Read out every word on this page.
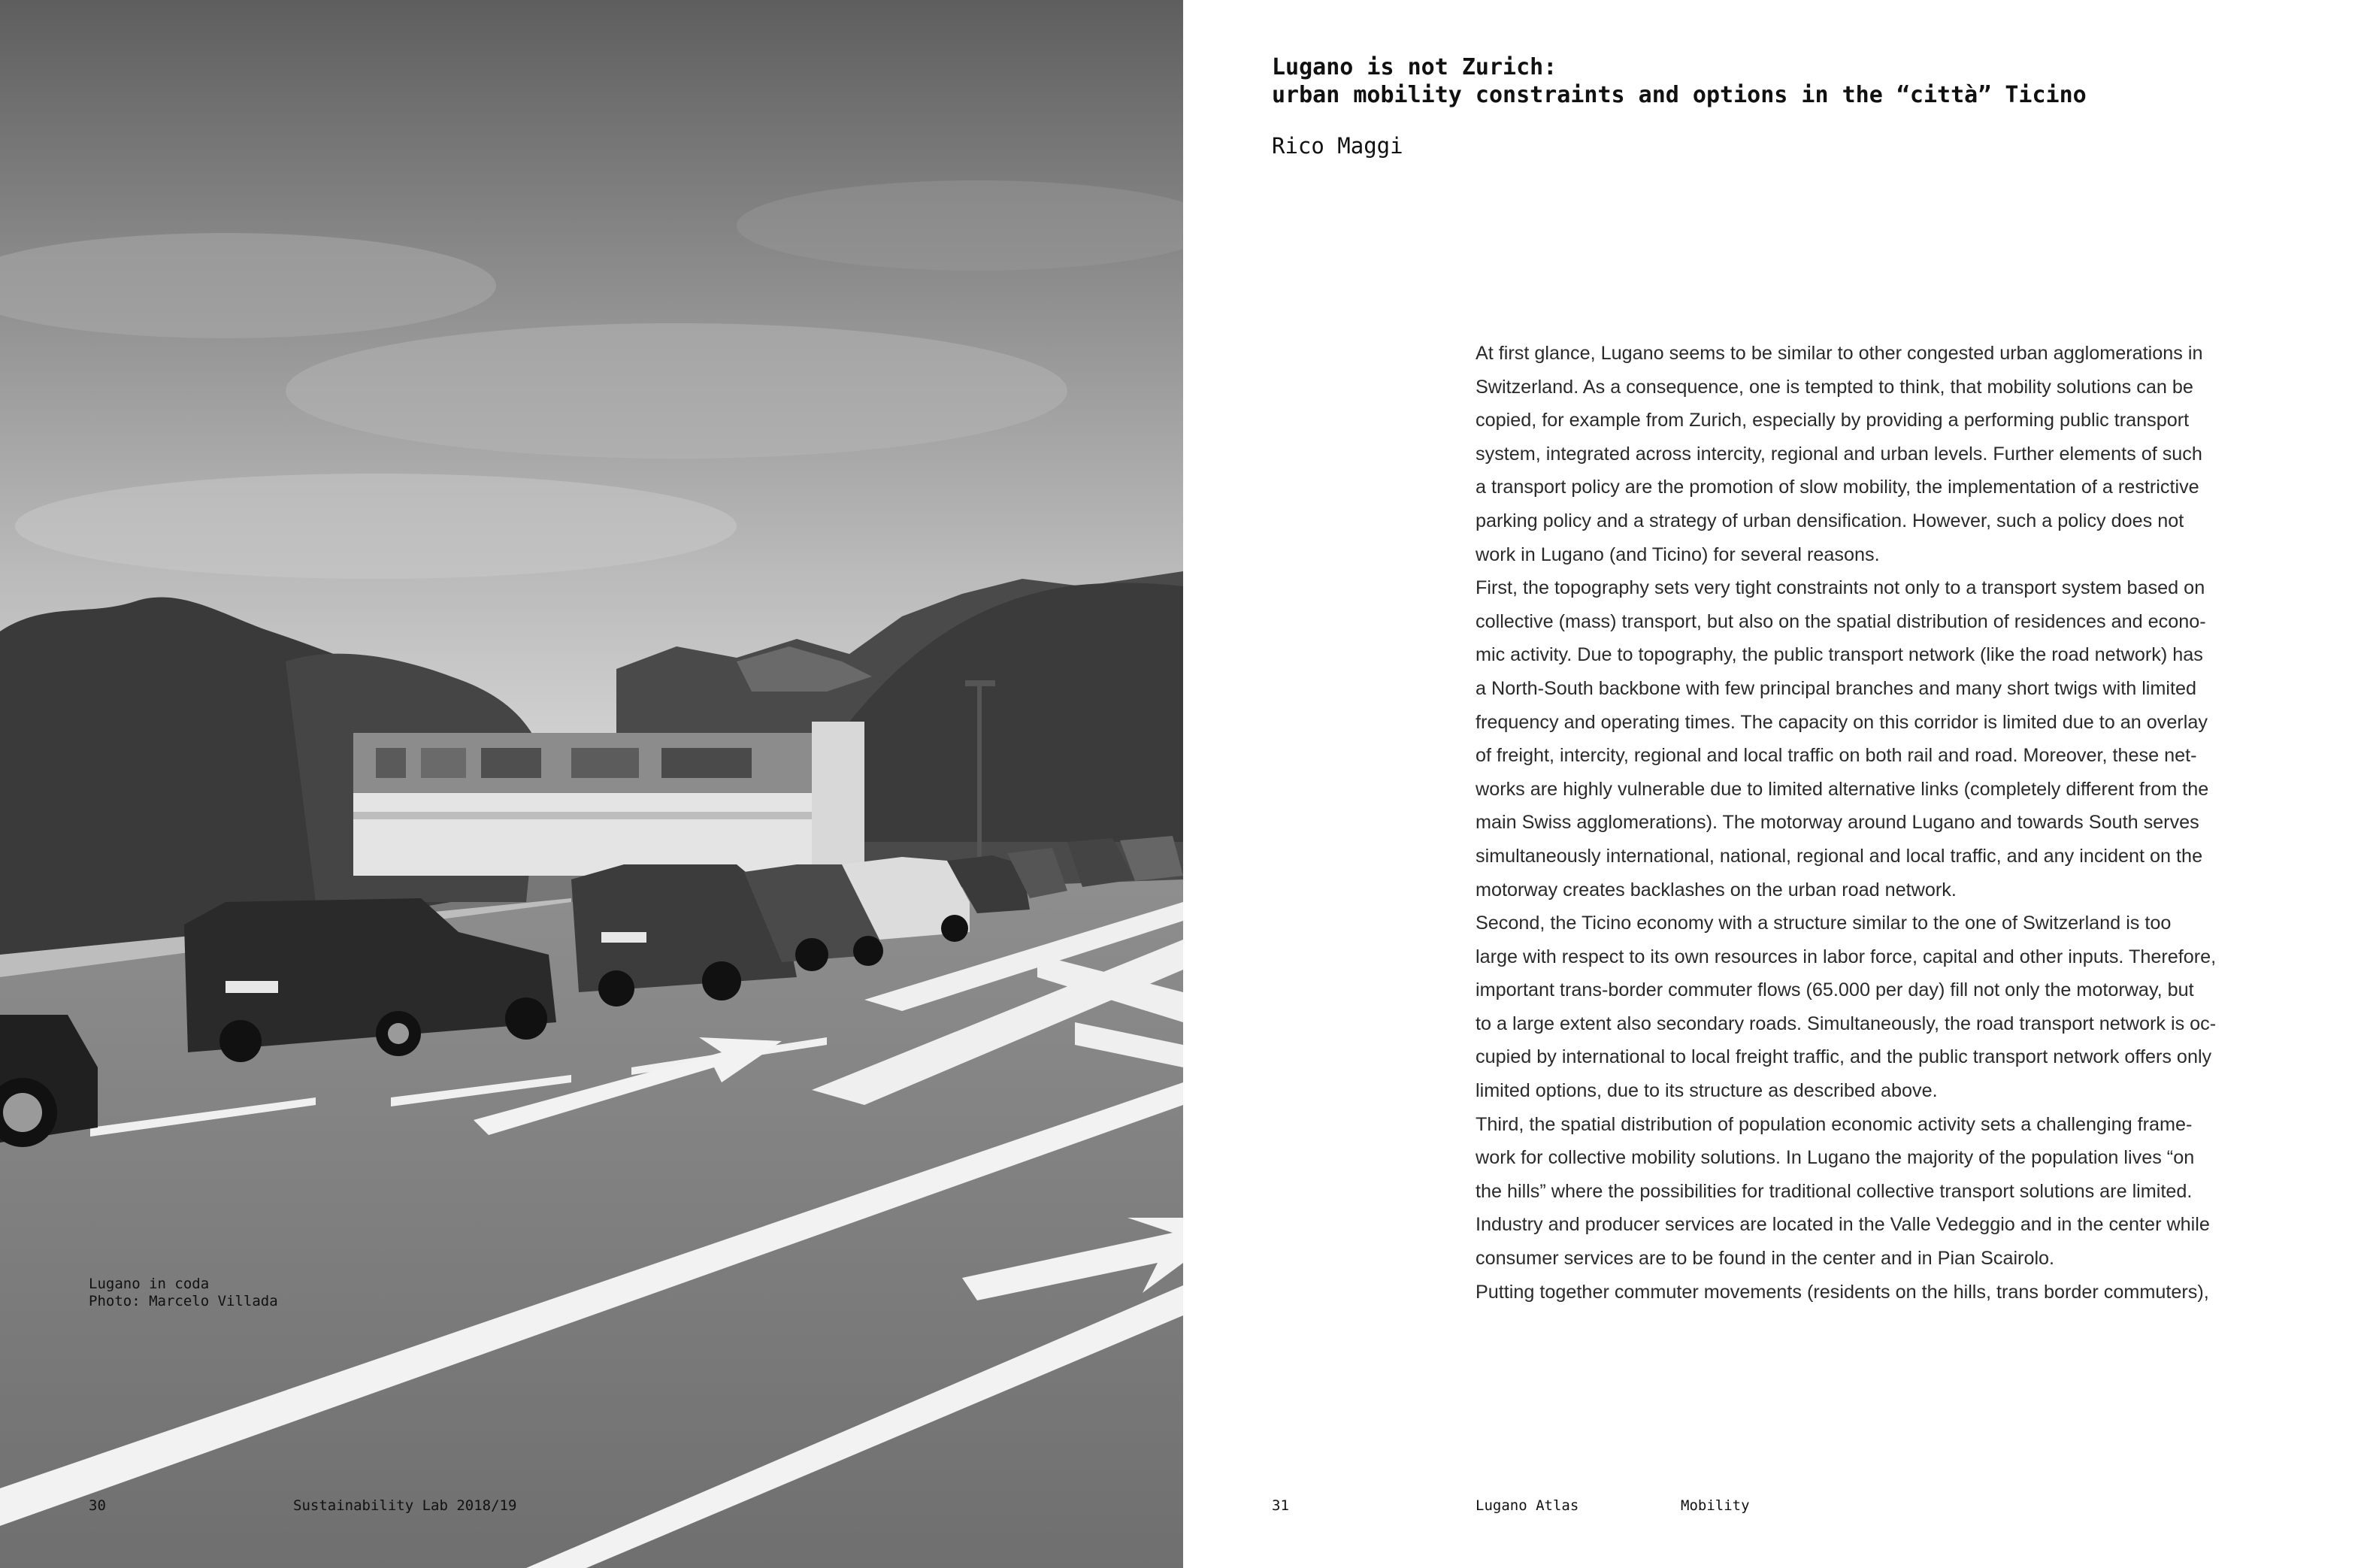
Lugano in coda
Photo: Marcelo Villada
30	Sustainability Lab 2018/19
Lugano is not Zurich:
urban mobility constraints and options in the “città” Ticino
Rico Maggi
At first glance, Lugano seems to be similar to other congested urban agglomerations in
Switzerland. As a consequence, one is tempted to think, that mobility solutions can be
copied, for example from Zurich, especially by providing a performing public transport
system, integrated across intercity, regional and urban levels. Further elements of such
a transport policy are the promotion of slow mobility, the implementation of a restrictive
parking policy and a strategy of urban densification. However, such a policy does not
work in Lugano (and Ticino) for several reasons.
First, the topography sets very tight constraints not only to a transport system based on
collective (mass) transport, but also on the spatial distribution of residences and econo-
mic activity. Due to topography, the public transport network (like the road network) has
a North-South backbone with few principal branches and many short twigs with limited
frequency and operating times. The capacity on this corridor is limited due to an overlay
of freight, intercity, regional and local traffic on both rail and road. Moreover, these net-
works are highly vulnerable due to limited alternative links (completely different from the
main Swiss agglomerations). The motorway around Lugano and towards South serves
simultaneously international, national, regional and local traffic, and any incident on the
motorway creates backlashes on the urban road network.
Second, the Ticino economy with a structure similar to the one of Switzerland is too
large with respect to its own resources in labor force, capital and other inputs. Therefore,
important trans-border commuter flows (65.000 per day) fill not only the motorway, but
to a large extent also secondary roads. Simultaneously, the road transport network is oc-
cupied by international to local freight traffic, and the public transport network offers only
limited options, due to its structure as described above.
Third, the spatial distribution of population economic activity sets a challenging frame-
work for collective mobility solutions. In Lugano the majority of the population lives “on
the hills” where the possibilities for traditional collective transport solutions are limited.
Industry and producer services are located in the Valle Vedeggio and in the center while
consumer services are to be found in the center and in Pian Scairolo.
Putting together commuter movements (residents on the hills, trans border commuters),
31	Lugano Atlas	Mobility
